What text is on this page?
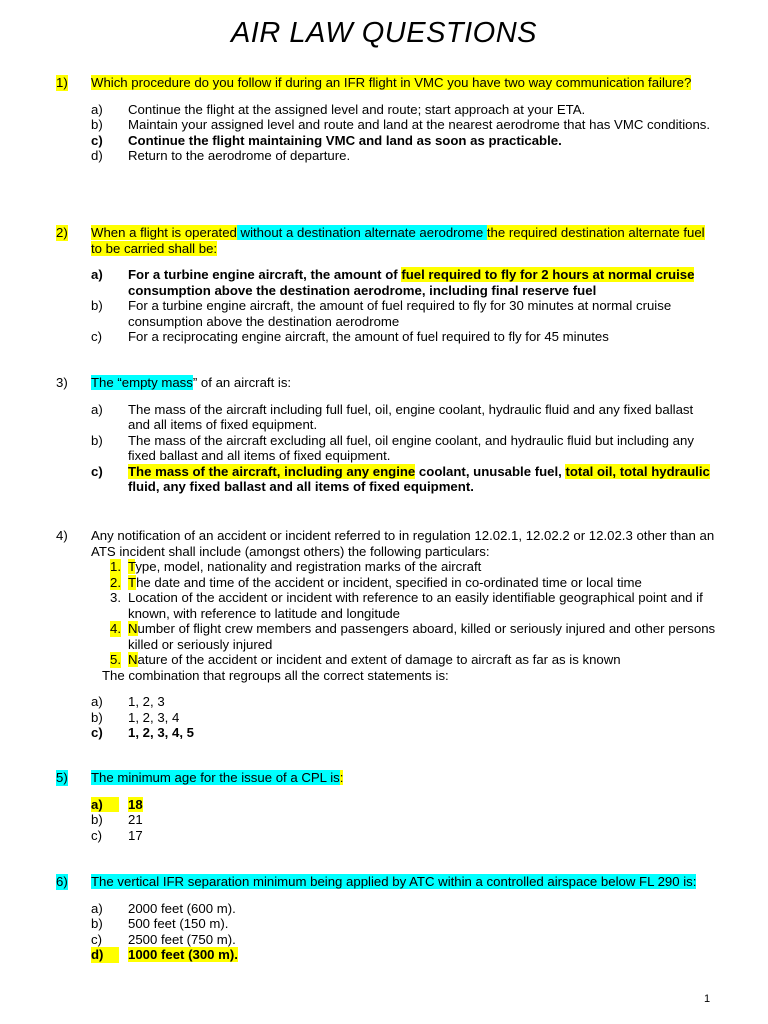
AIR LAW QUESTIONS
1) Which procedure do you follow if during an IFR flight in VMC you have two way communication failure?
a) Continue the flight at the assigned level and route; start approach at your ETA.
b) Maintain your assigned level and route and land at the nearest aerodrome that has VMC conditions.
c) Continue the flight maintaining VMC and land as soon as practicable.
d) Return to the aerodrome of departure.
2) When a flight is operated without a destination alternate aerodrome the required destination alternate fuel to be carried shall be:
a) For a turbine engine aircraft, the amount of fuel required to fly for 2 hours at normal cruise consumption above the destination aerodrome, including final reserve fuel
b) For a turbine engine aircraft, the amount of fuel required to fly for 30 minutes at normal cruise consumption above the destination aerodrome
c) For a reciprocating engine aircraft, the amount of fuel required to fly for 45 minutes
3) The “empty mass” of an aircraft is:
a) The mass of the aircraft including full fuel, oil, engine coolant, hydraulic fluid and any fixed ballast and all items of fixed equipment.
b) The mass of the aircraft excluding all fuel, oil engine coolant, and hydraulic fluid but including any fixed ballast and all items of fixed equipment.
c) The mass of the aircraft, including any engine coolant, unusable fuel, total oil, total hydraulic fluid, any fixed ballast and all items of fixed equipment.
4) Any notification of an accident or incident referred to in regulation 12.02.1, 12.02.2 or 12.02.3 other than an ATS incident shall include (amongst others) the following particulars:
1. Type, model, nationality and registration marks of the aircraft
2. The date and time of the accident or incident, specified in co-ordinated time or local time
3. Location of the accident or incident with reference to an easily identifiable geographical point and if known, with reference to latitude and longitude
4. Number of flight crew members and passengers aboard, killed or seriously injured and other persons killed or seriously injured
5. Nature of the accident or incident and extent of damage to aircraft as far as is known
The combination that regroups all the correct statements is:
a) 1, 2, 3
b) 1, 2, 3, 4
c) 1, 2, 3, 4, 5
5) The minimum age for the issue of a CPL is:
a)	18
b) 21
c) 17
6) The vertical IFR separation minimum being applied by ATC within a controlled airspace below FL 290 is:
a) 2000 feet (600 m).
b) 500 feet (150 m).
c) 2500 feet (750 m).
d)	1000 feet (300 m).
1
